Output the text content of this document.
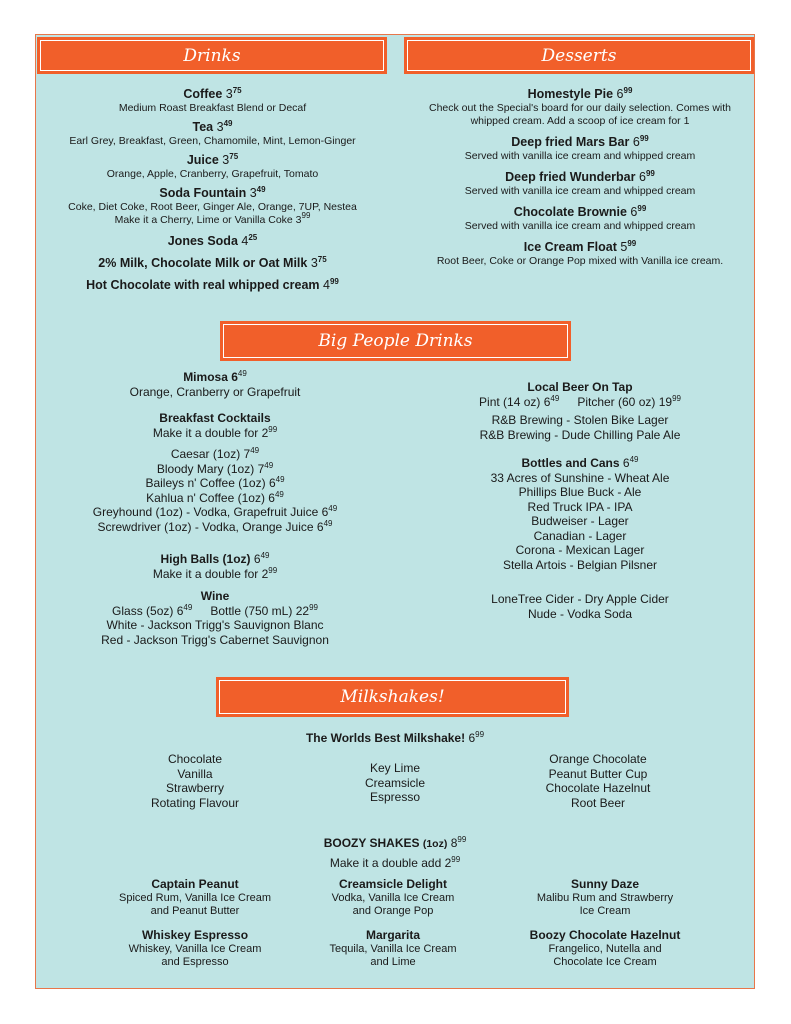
Drinks	Desserts
Big People Drinks
Milkshakes!
Coffee $3^{75}$
Medium Roast Breakfast Blend or Decaf
Tea $3^{49}$
Earl Grey, Breakfast, Green, Chamomile, Mint, Lemon-Ginger
Juice $3^{75}$
Orange, Apple, Cranberry, Grapefruit, Tomato
Soda Fountain $3^{49}$
Coke, Diet Coke, Root Beer, Ginger Ale, Orange, 7UP, Nestea
Make it a Cherry, Lime or Vanilla Coke $3^{99}$
Jones Soda $4^{25}$
2% Milk, Chocolate Milk or Oat Milk $3^{75}$
Hot Chocolate with real whipped cream $4^{99}$
Homestyle Pie $6^{99}$
Check out the Special's board for our daily selection. Comes with
whipped cream. Add a scoop of ice cream for 1
Deep fried Mars Bar $6^{99}$
Served with vanilla ice cream and whipped cream
Deep fried Wunderbar $6^{99}$
Served with vanilla ice cream and whipped cream
Chocolate Brownie $6^{99}$
Served with vanilla ice cream and whipped cream
Ice Cream Float $5^{99}$
Root Beer, Coke or Orange Pop mixed with Vanilla ice cream.
Mimosa $6^{49}$
Orange, Cranberry or Grapefruit
Breakfast Cocktails
Make it a double for $2^{99}$
Caesar (1oz) $7^{49}$
Bloody Mary (1oz) $7^{49}$
Baileys n' Coffee (1oz) $6^{49}$
Kahlua n' Coffee (1oz) $6^{49}$
Greyhound (1oz) - Vodka, Grapefruit Juice $6^{49}$
Screwdriver (1oz) - Vodka, Orange Juice $6^{49}$
High Balls (1oz) $6^{49}$
Make it a double for $2^{99}$
Wine
Glass (5oz) $6^{49}$ Bottle (750 mL) $22^{99}$
White - Jackson Trigg's Sauvignon Blanc
Red - Jackson Trigg's Cabernet Sauvignon
Local Beer On Tap
Pint (14 oz) $6^{49}$ Pitcher (60 oz) $19^{99}$
R&B Brewing - Stolen Bike Lager
R&B Brewing - Dude Chilling Pale Ale
Bottles and Cans $6^{49}$
33 Acres of Sunshine - Wheat Ale
Phillips Blue Buck - Ale
Red Truck IPA - IPA
Budweiser - Lager
Canadian - Lager
Corona - Mexican Lager
Stella Artois - Belgian Pilsner
LoneTree Cider - Dry Apple Cider
Nude - Vodka Soda
The Worlds Best Milkshake! $6^{99}$
Chocolate
Vanilla
Strawberry
Rotating Flavour
Key Lime
Creamsicle
Espresso
Orange Chocolate
Peanut Butter Cup
Chocolate Hazelnut
Root Beer
BOOZY SHAKES (1oz) $8^{99}$
Make it a double add $2^{99}$
Captain Peanut
Spiced Rum, Vanilla Ice Cream
and Peanut Butter
Creamsicle Delight
Vodka, Vanilla Ice Cream
and Orange Pop
Sunny Daze
Malibu Rum and Strawberry
Ice Cream
Whiskey Espresso
Whiskey, Vanilla Ice Cream
and Espresso
Margarita
Tequila, Vanilla Ice Cream
and Lime
Boozy Chocolate Hazelnut
Frangelico, Nutella and
Chocolate Ice Cream
